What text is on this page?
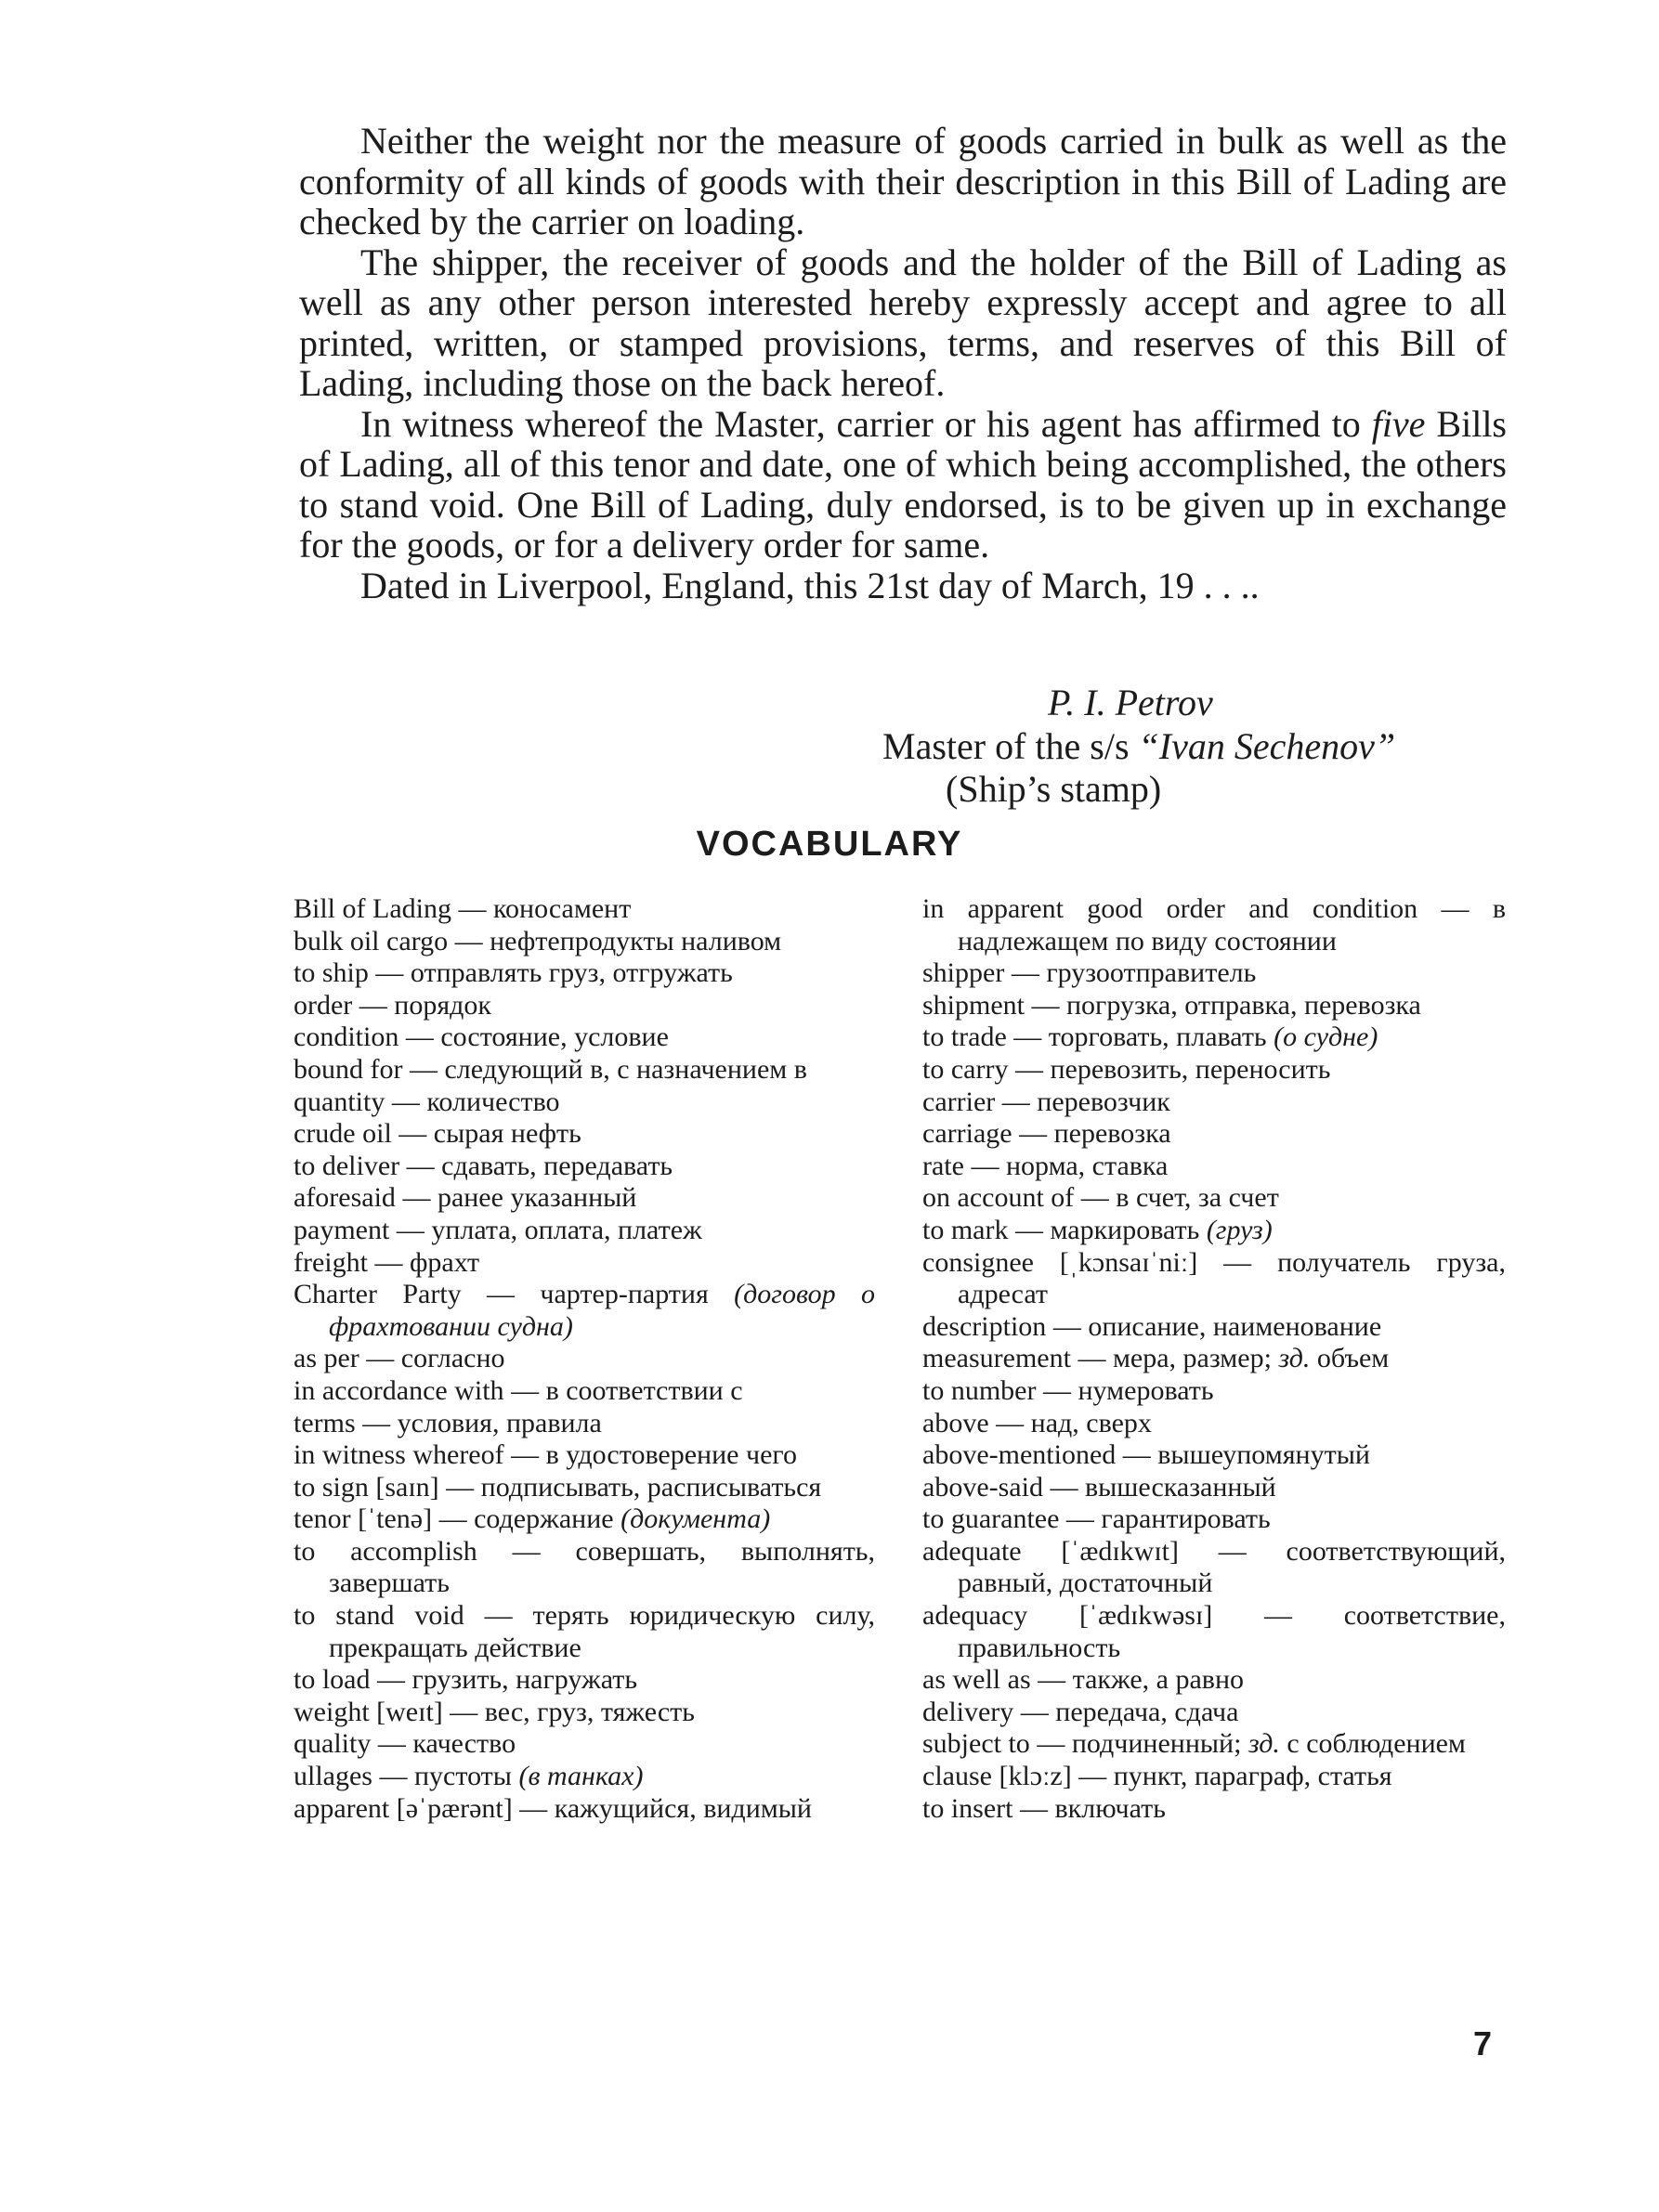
Neither the weight nor the measure of goods carried in bulk as well as the conformity of all kinds of goods with their description in this Bill of Lading are checked by the carrier on loading.

The shipper, the receiver of goods and the holder of the Bill of Lading as well as any other person interested hereby expressly accept and agree to all printed, written, or stamped provisions, terms, and reserves of this Bill of Lading, including those on the back hereof.

In witness whereof the Master, carrier or his agent has affirmed to five Bills of Lading, all of this tenor and date, one of which being accomplished, the others to stand void. One Bill of Lading, duly endorsed, is to be given up in exchange for the goods, or for a delivery order for same.

Dated in Liverpool, England, this 21st day of March, 19 . . ..

P. I. Petrov
Master of the s/s “Ivan Sechenov”
(Ship’s stamp)
VOCABULARY

Bill of Lading — коносамент

bulk oil cargo — нефтепродукты наливом

to ship — отправлять груз, отгружать

order — порядок

condition — состояние, условие

bound for — следующий в, с назначением в

quantity — количество

crude oil — сырая нефть

to deliver — сдавать, передавать

aforesaid — ранее указанный

payment — уплата, оплата, платеж

freight — фрахт

Charter Party — чартер-партия (договор о фрахтовании судна)

as per — согласно

in accordance with — в соответствии с

terms — условия, правила

in witness whereof — в удостоверение чего

to sign [saɪn] — подписывать, расписываться

tenor [ˈtenə] — содержание (документа)

to accomplish — совершать, выполнять, завершать

to stand void — терять юридическую силу, прекращать действие

to load — грузить, нагружать

weight [weɪt] — вес, груз, тяжесть

quality — качество

ullages — пустоты (в танках)

apparent [əˈpærənt] — кажущийся, видимый

in apparent good order and condition — в надлежащем по виду состоянии

shipper — грузоотправитель

shipment — погрузка, отправка, перевозка

to trade — торговать, плавать (о судне)

to carry — перевозить, переносить

carrier — перевозчик

carriage — перевозка

rate — норма, ставка

on account of — в счет, за счет

to mark — маркировать (груз)

consignee [ˌkɔnsaɪˈniː] — получатель груза, адресат

description — описание, наименование

measurement — мера, размер; зд. объем

to number — нумеровать

above — над, сверх

above-mentioned — вышеупомянутый

above-said — вышесказанный

to guarantee — гарантировать

adequate [ˈædɪkwɪt] — соответствующий, равный, достаточный

adequacy [ˈædɪkwəsɪ] — соответствие, правильность

as well as — также, а равно

delivery — передача, сдача

subject to — подчиненный; зд. с соблюдением

clause [klɔːz] — пункт, параграф, статья

to insert — включать

7
